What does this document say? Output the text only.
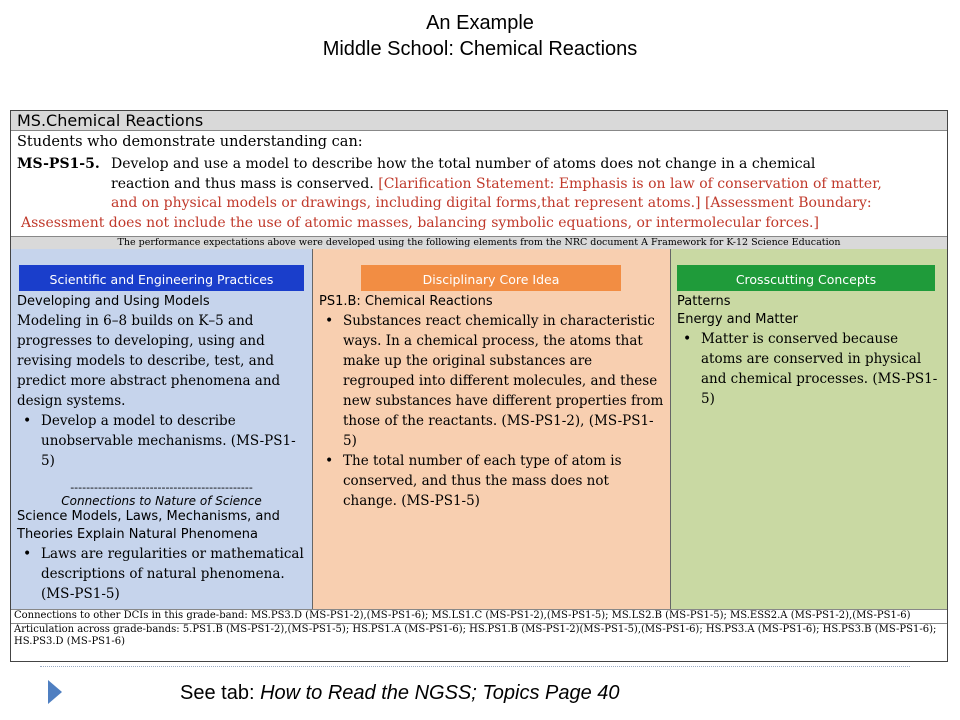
An Example
Middle School: Chemical Reactions
MS.Chemical Reactions
Students who demonstrate understanding can:
MS-PS1-5. Develop and use a model to describe how the total number of atoms does not change in a chemical
reaction and thus mass is conserved. [Clarification Statement: Emphasis is on law of conservation of matter,
and on physical models or drawings, including digital forms,that represent atoms.] [Assessment Boundary:
Assessment does not include the use of atomic masses, balancing symbolic equations, or intermolecular forces.]
The performance expectations above were developed using the following elements from the NRC document A Framework for K-12 Science Education
Scientific and Engineering Practices
Developing and Using Models
Modeling in 6–8 builds on K–5 and progresses to developing, using and revising models to describe, test, and predict more abstract phenomena and design systems.
• Develop a model to describe unobservable mechanisms. (MS-PS1-5)
----------------------------------------------
Connections to Nature of Science
Science Models, Laws, Mechanisms, and Theories Explain Natural Phenomena
• Laws are regularities or mathematical descriptions of natural phenomena. (MS-PS1-5)
Disciplinary Core Idea
PS1.B: Chemical Reactions
• Substances react chemically in characteristic ways. In a chemical process, the atoms that make up the original substances are regrouped into different molecules, and these new substances have different properties from those of the reactants. (MS-PS1-2), (MS-PS1-5)
• The total number of each type of atom is conserved, and thus the mass does not change. (MS-PS1-5)
Crosscutting Concepts
Patterns
Energy and Matter
• Matter is conserved because atoms are conserved in physical and chemical processes. (MS-PS1-5)
Connections to other DCIs in this grade-band: MS.PS3.D (MS-PS1-2),(MS-PS1-6); MS.LS1.C (MS-PS1-2),(MS-PS1-5); MS.LS2.B (MS-PS1-5); MS.ESS2.A (MS-PS1-2),(MS-PS1-6)
Articulation across grade-bands: 5.PS1.B (MS-PS1-2),(MS-PS1-5); HS.PS1.A (MS-PS1-6); HS.PS1.B (MS-PS1-2)(MS-PS1-5),(MS-PS1-6); HS.PS3.A (MS-PS1-6); HS.PS3.B (MS-PS1-6); HS.PS3.D (MS-PS1-6)
See tab: How to Read the NGSS; Topics Page 40
